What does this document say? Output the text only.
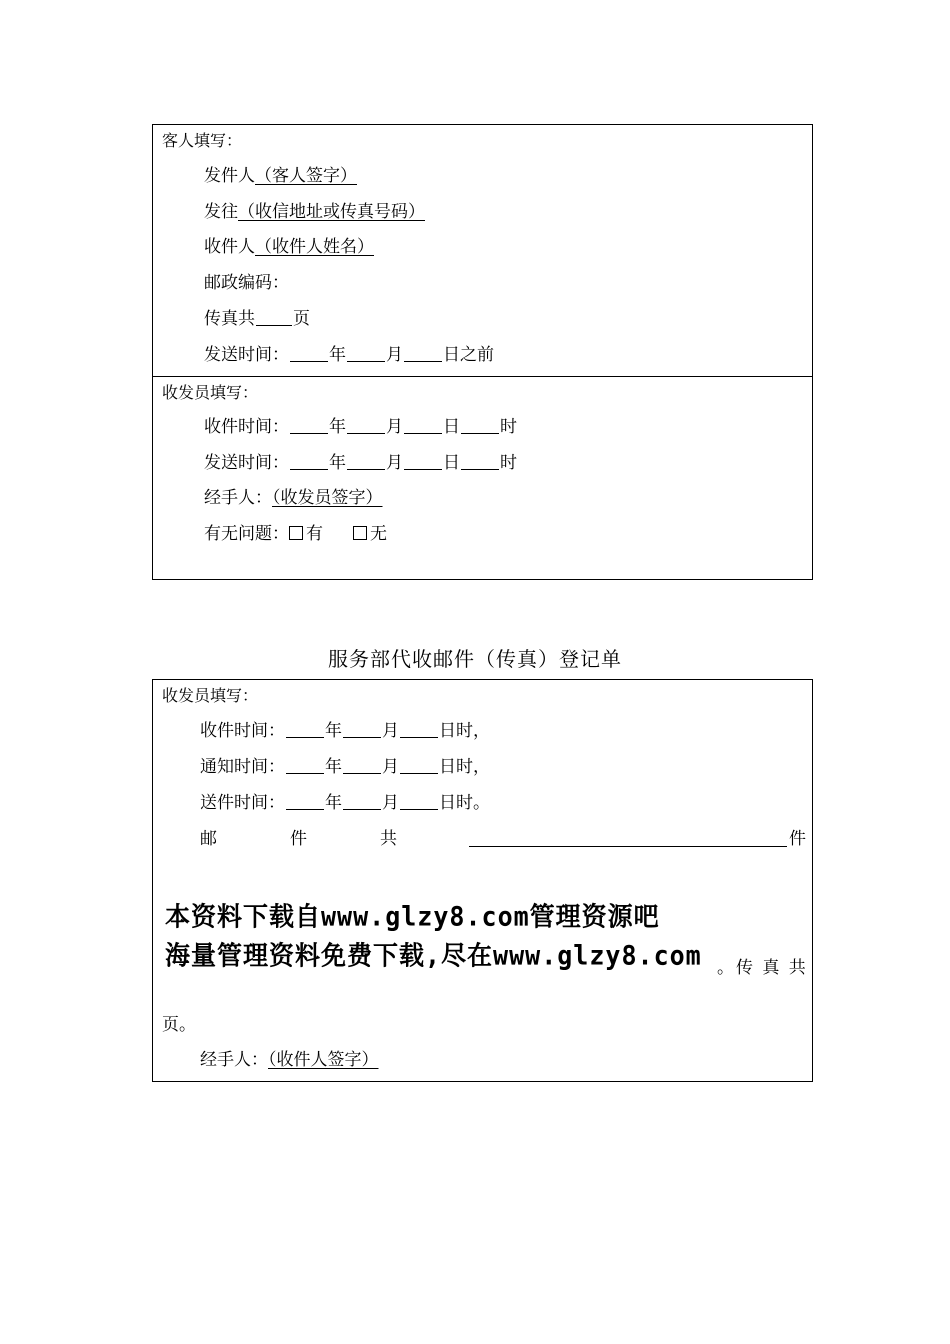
客人填写：
发件人（客人签字）
发往（收信地址或传真号码）
收件人（收件人姓名）
邮政编码：
传真共 页
发送时间： 年 月 日之前
收发员填写：
收件时间： 年 月 日 时
发送时间： 年 月 日 时
经手人：（收发员签字）
有无问题： 有	无
服务部代收邮件（传真）登记单
收发员填写：
收件时间： 年 月 日时，
通知时间： 年 月 日时，
送件时间： 年 月 日时。
邮	件	共	件
本资料下载自www.glzy8.com管理资源吧
海量管理资料免费下载,尽在www.glzy8.com 。传 真 共
页。
经手人：（收件人签字）
